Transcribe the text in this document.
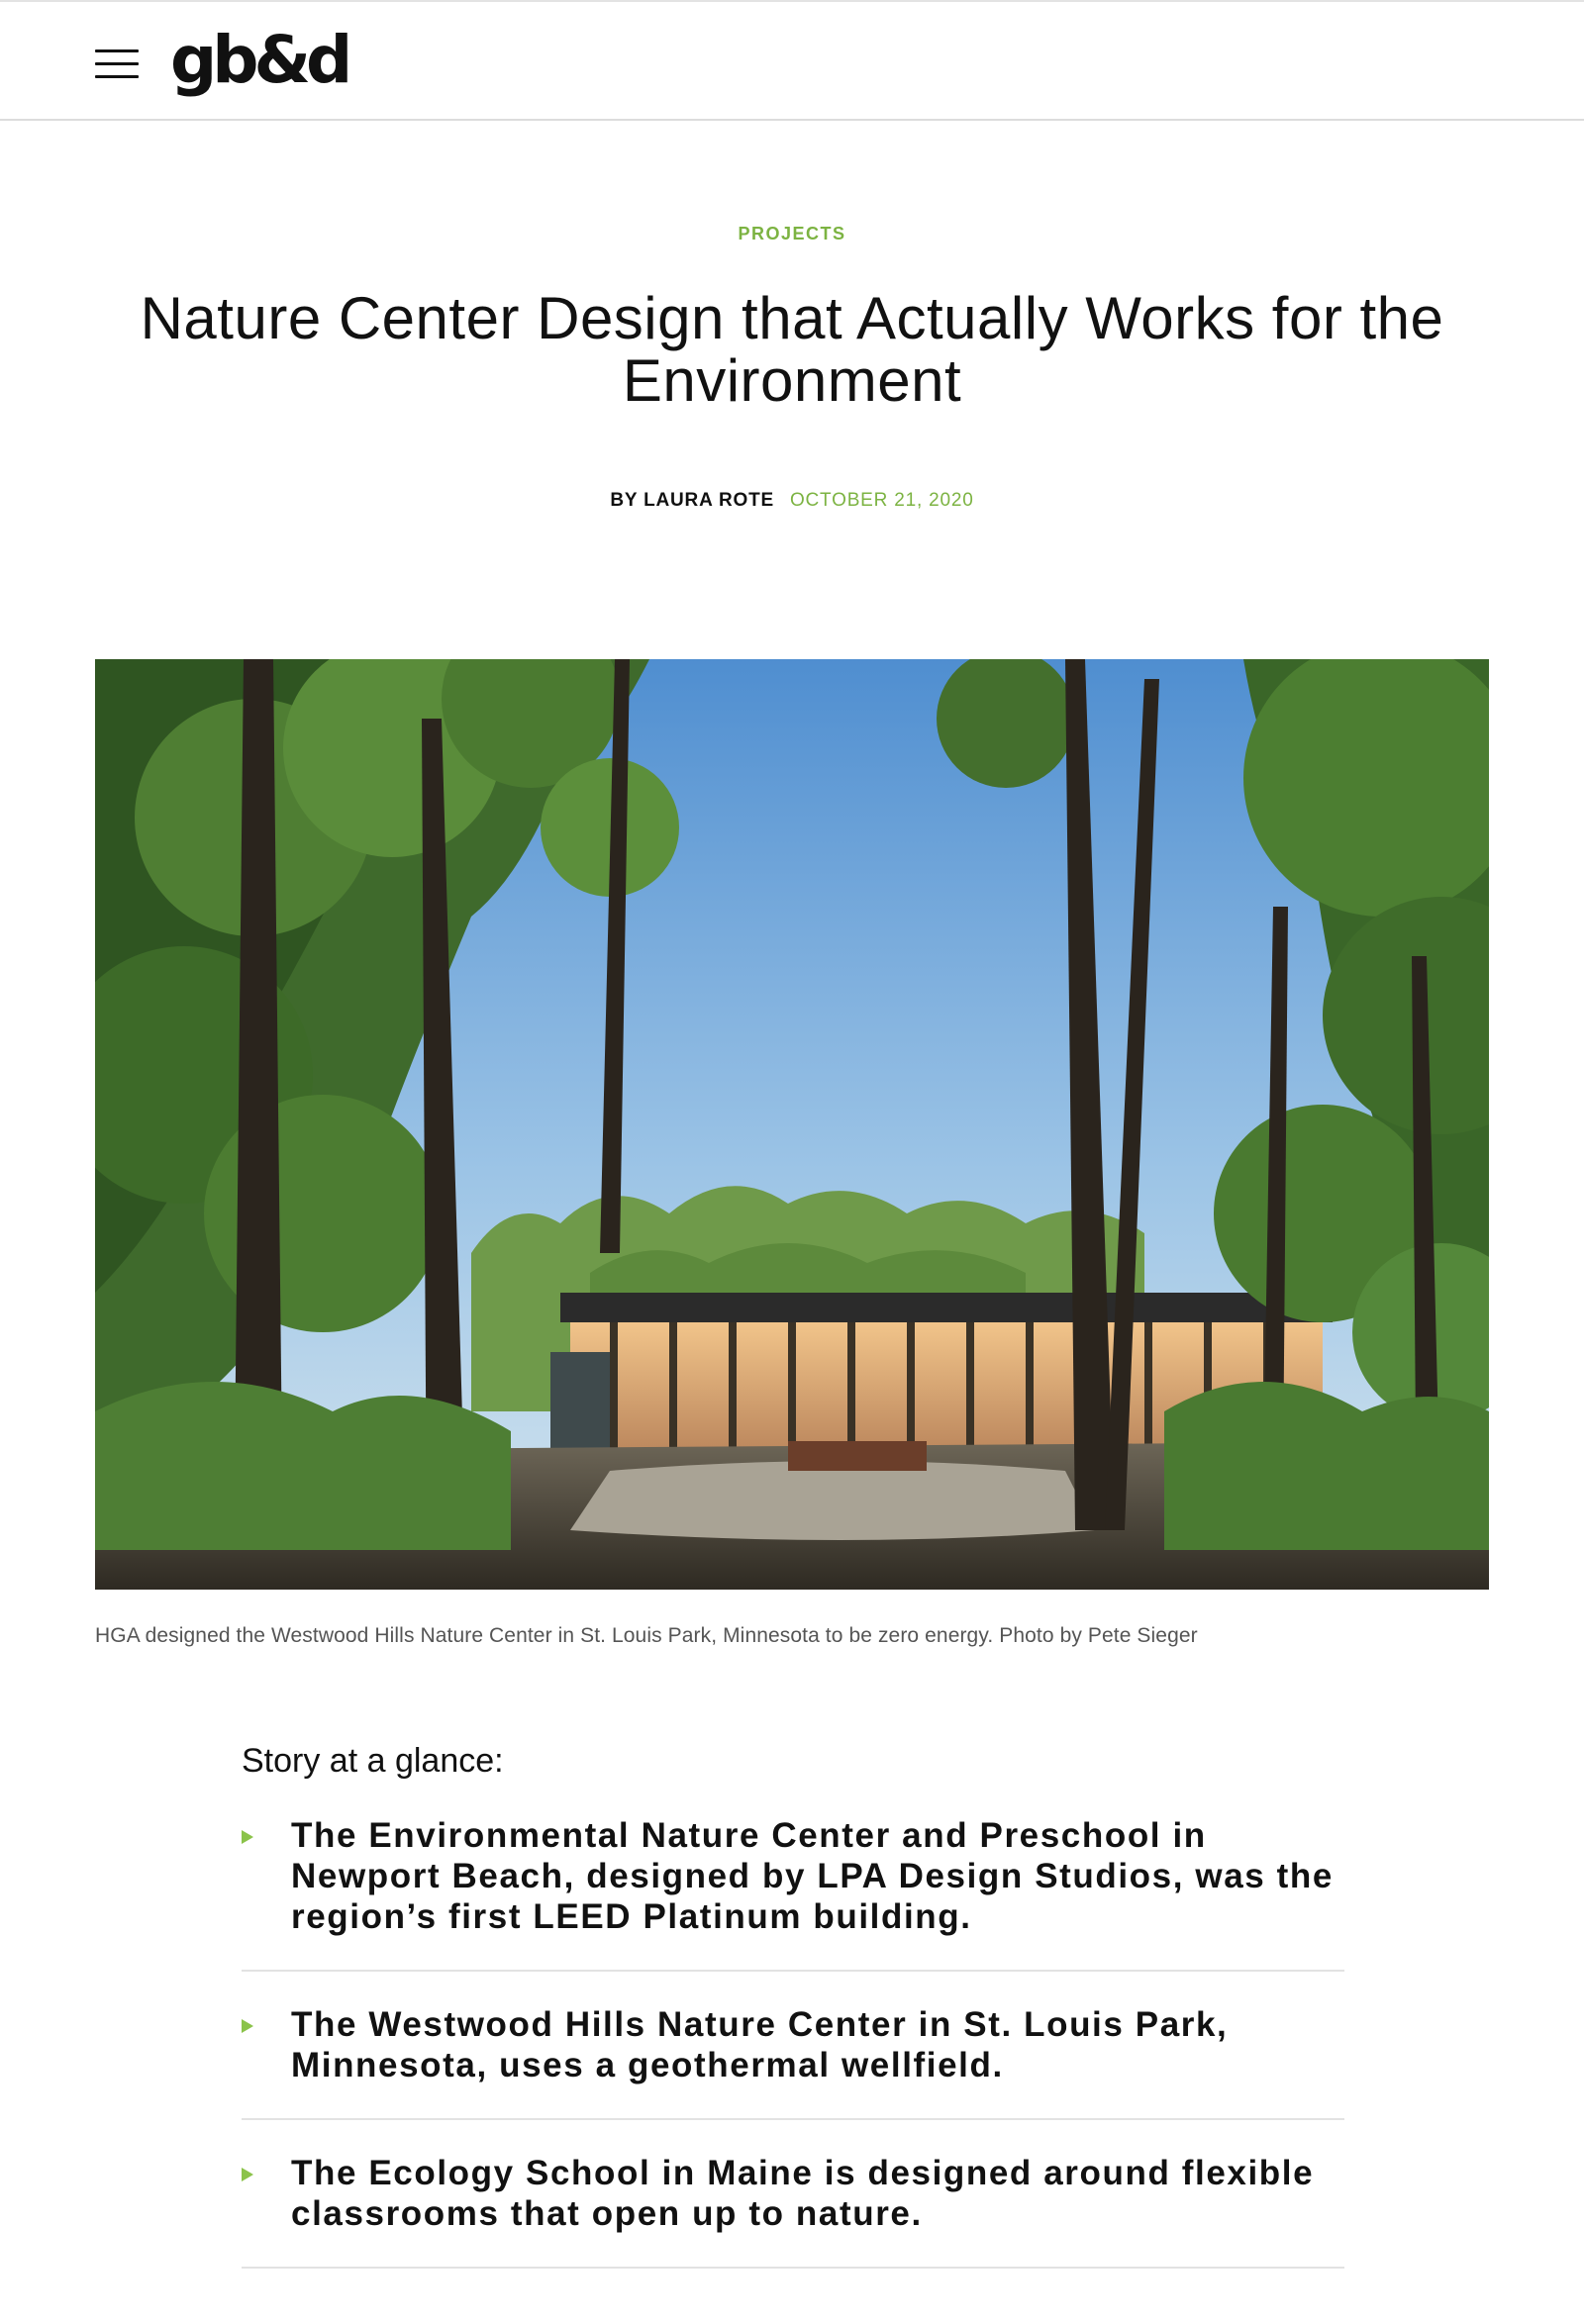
gb&d
PROJECTS
Nature Center Design that Actually Works for the Environment
BY LAURA ROTE OCTOBER 21, 2020
HGA designed the Westwood Hills Nature Center in St. Louis Park, Minnesota to be zero energy. Photo by Pete Sieger
Story at a glance:
The Environmental Nature Center and Preschool in Newport Beach, designed by LPA Design Studios, was the region’s first LEED Platinum building.
The Westwood Hills Nature Center in St. Louis Park, Minnesota, uses a geothermal wellfield.
The Ecology School in Maine is designed around flexible classrooms that open up to nature.
